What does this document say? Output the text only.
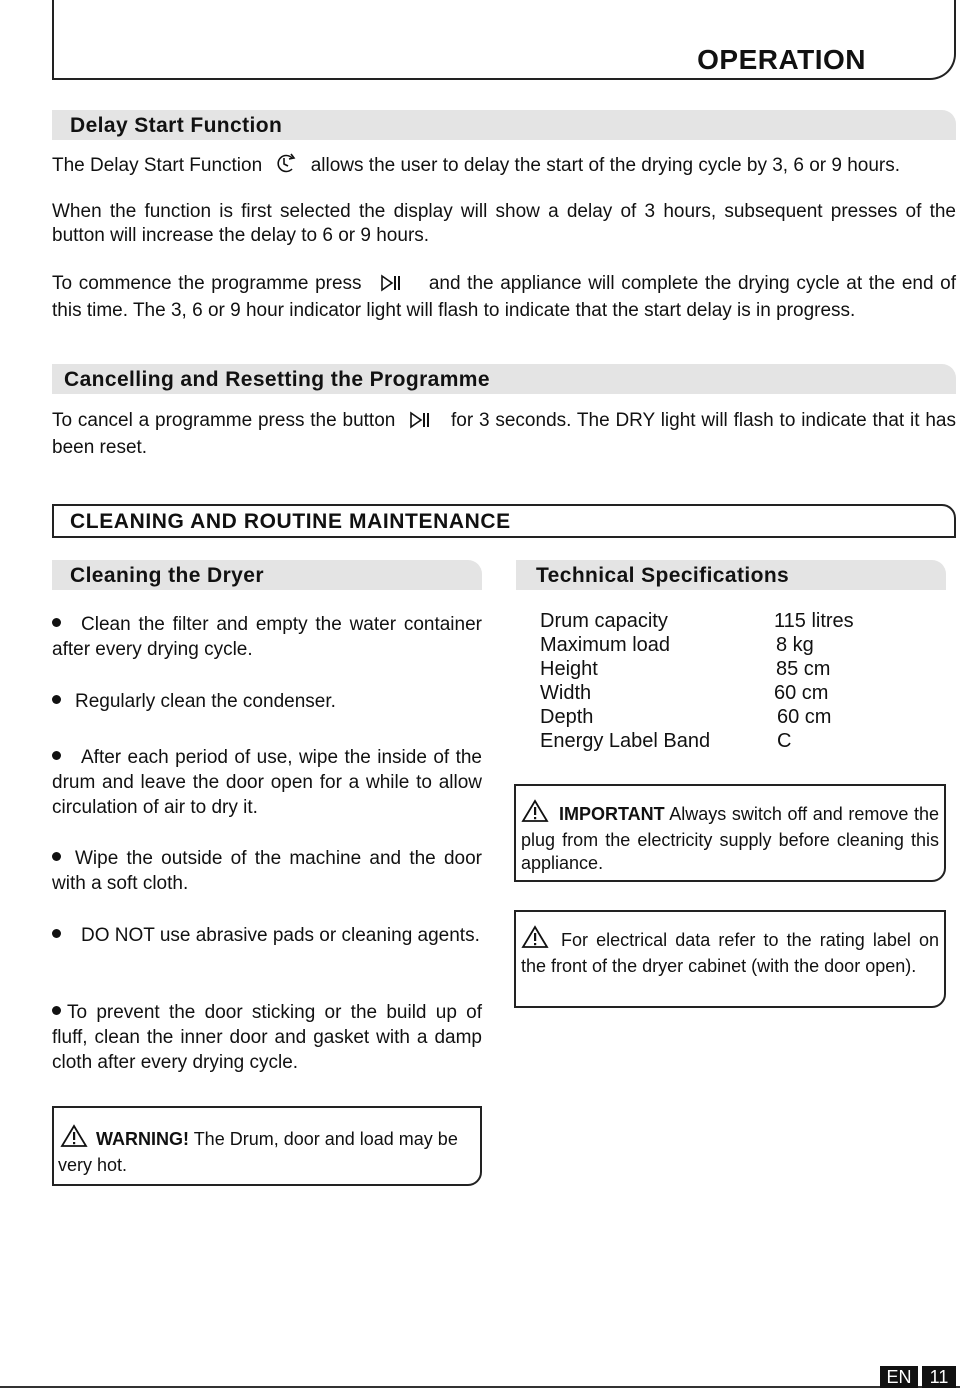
OPERATION
Delay Start Function
The Delay Start Function	allows the user to delay the start of the drying cycle by 3, 6 or 9 hours.
When the function is first selected the display will show a delay of 3 hours, subsequent presses of the button will increase the delay to 6 or 9 hours.
To commence the programme press	and the appliance will complete the drying cycle at the end of this time. The 3, 6 or 9 hour indicator light will flash to indicate that the start delay is in progress.
Cancelling and Resetting the Programme
To cancel a programme press the button	for 3 seconds. The DRY light will flash to indicate that it has been reset.
CLEANING AND ROUTINE MAINTENANCE
Cleaning the Dryer
Clean the filter and empty the water container after every drying cycle.
Regularly clean the condenser.
After each period of use, wipe the inside of the drum and leave the door open for a while to allow circulation of air to dry it.
Wipe the outside of the machine and the door with a soft cloth.
DO NOT use abrasive pads or cleaning agents.
To prevent the door sticking or the build up of fluff, clean the inner door and gasket with a damp cloth after every drying cycle.
WARNING! The Drum, door and load may be very hot.
Technical Specifications
Drum capacity	115 litres
Maximum load	8 kg
Height	85 cm
Width	60 cm
Depth	60 cm
Energy Label Band	C
IMPORTANT Always switch off and remove the plug from the electricity supply before cleaning this appliance.
For electrical data refer to the rating label on the front of the dryer cabinet (with the door open).
EN	11
